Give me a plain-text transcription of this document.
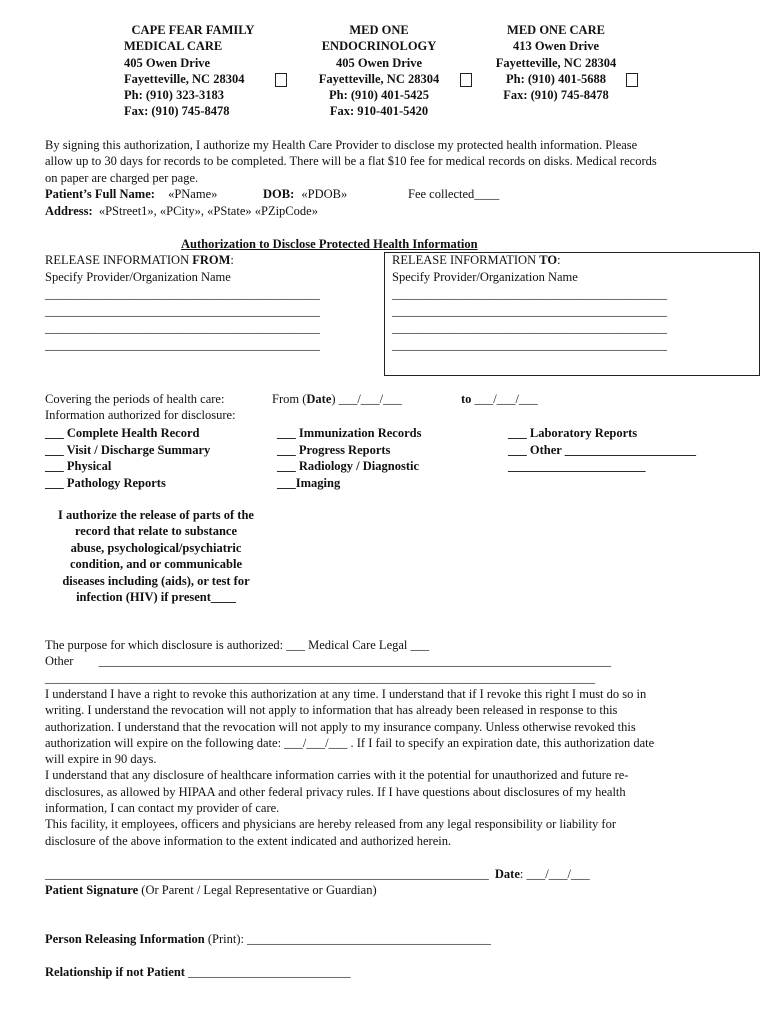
CAPE FEAR FAMILY
MEDICAL CARE
405 Owen Drive
Fayetteville, NC 28304
Ph: (910) 323-3183
Fax: (910) 745-8478
MED ONE
ENDOCRINOLOGY
405 Owen Drive
Fayetteville, NC 28304
Ph: (910) 401-5425
Fax: 910-401-5420
MED ONE CARE
413 Owen Drive
Fayetteville, NC 28304
Ph: (910) 401-5688
Fax: (910) 745-8478
By signing this authorization, I authorize my Health Care Provider to disclose my protected health information. Please
allow up to 30 days for records to be completed. There will be a flat $10 fee for medical records on disks. Medical records
on paper are charged per page.
Patient’s Full Name: «PName»	DOB: «PDOB»	Fee collected____
Address: «PStreet1», «PCity», «PState» «PZipCode»
Authorization to Disclose Protected Health Information
RELEASE INFORMATION FROM:
Specify Provider/Organization Name
____________________________________________
____________________________________________
____________________________________________
____________________________________________
RELEASE INFORMATION TO:
Specify Provider/Organization Name
____________________________________________
____________________________________________
____________________________________________
____________________________________________
Covering the periods of health care:	From (Date) ___/___/___	to ___/___/___
Information authorized for disclosure:
___ Complete Health Record
___ Visit / Discharge Summary
___ Physical
___ Pathology Reports
___ Immunization Records
___ Progress Reports
___ Radiology / Diagnostic
___Imaging
___ Laboratory Reports
___ Other _____________________
______________________
I authorize the release of parts of the
record that relate to substance
abuse, psychological/psychiatric
condition, and or communicable
diseases including (aids), or test for
infection (HIV) if present____
The purpose for which disclosure is authorized: ___ Medical Care Legal ___
Other __________________________________________________________________________________
________________________________________________________________________________________
I understand I have a right to revoke this authorization at any time. I understand that if I revoke this right I must do so in
writing. I understand the revocation will not apply to information that has already been released in response to this
authorization. I understand that the revocation will not apply to my insurance company. Unless otherwise revoked this
authorization will expire on the following date: ___/___/___ . If I fail to specify an expiration date, this authorization date
will expire in 90 days.
I understand that any disclosure of healthcare information carries with it the potential for unauthorized and future re-
disclosures, as allowed by HIPAA and other federal privacy rules. If I have questions about disclosures of my health
information, I can contact my provider of care.
This facility, it employees, officers and physicians are hereby released from any legal responsibility or liability for
disclosure of the above information to the extent indicated and authorized herein.
_______________________________________________________________________ Date: ___/___/___
Patient Signature (Or Parent / Legal Representative or Guardian)
Person Releasing Information (Print): _______________________________________
Relationship if not Patient __________________________
